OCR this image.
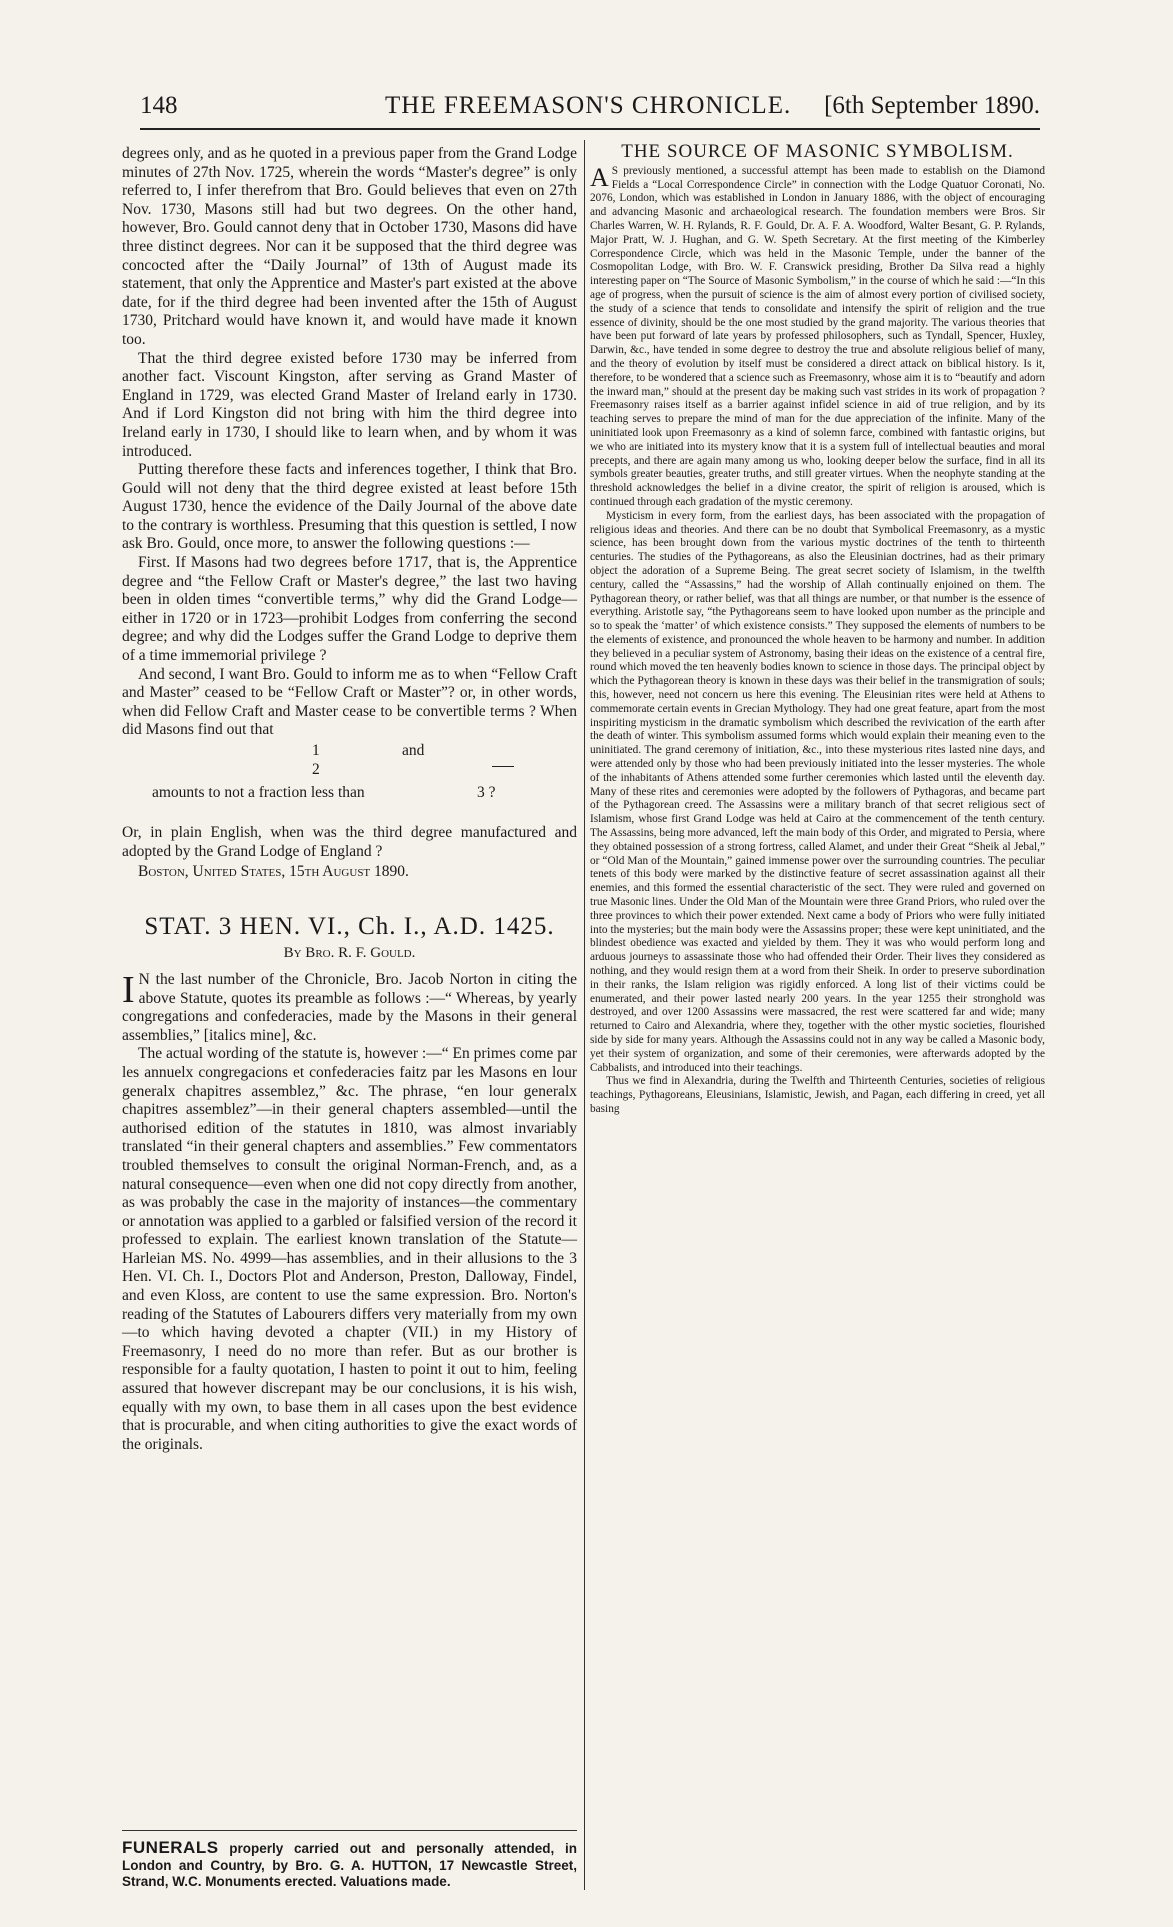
148	THE FREEMASON'S CHRONICLE. [6th September 1890.

degrees only, and as he quoted in a previous paper from the Grand Lodge minutes of 27th Nov. 1725, wherein the words “Master's degree” is only referred to, I infer therefrom that Bro. Gould believes that even on 27th Nov. 1730, Masons still had but two degrees. On the other hand, however, Bro. Gould cannot deny that in October 1730, Masons did have three distinct degrees. Nor can it be supposed that the third degree was concocted after the “Daily Journal” of 13th of August made its statement, that only the Apprentice and Master's part existed at the above date, for if the third degree had been invented after the 15th of August 1730, Pritchard would have known it, and would have made it known too.

That the third degree existed before 1730 may be inferred from another fact. Viscount Kingston, after serving as Grand Master of England in 1729, was elected Grand Master of Ireland early in 1730. And if Lord Kingston did not bring with him the third degree into Ireland early in 1730, I should like to learn when, and by whom it was introduced.

Putting therefore these facts and inferences together, I think that Bro. Gould will not deny that the third degree existed at least before 15th August 1730, hence the evidence of the Daily Journal of the above date to the contrary is worthless. Presuming that this question is settled, I now ask Bro. Gould, once more, to answer the following questions :—

First. If Masons had two degrees before 1717, that is, the Apprentice degree and “the Fellow Craft or Master's degree,” the last two having been in olden times “convertible terms,” why did the Grand Lodge—either in 1720 or in 1723—prohibit Lodges from conferring the second degree; and why did the Lodges suffer the Grand Lodge to deprive them of a time immemorial privilege ?

And second, I want Bro. Gould to inform me as to when “Fellow Craft and Master” ceased to be “Fellow Craft or Master”? or, in other words, when did Fellow Craft and Master cease to be convertible terms ? When did Masons find out that

1	and2
amounts to not a fraction less than	3 ?

Or, in plain English, when was the third degree manufactured and adopted by the Grand Lodge of England ?

Boston, United States, 15th August 1890.

STAT. 3 HEN. VI., Ch. I., A.D. 1425.
By Bro. R. F. Gould.

I N the last number of the Chronicle, Bro. Jacob Norton in citing the above Statute, quotes its preamble as follows :—“ Whereas, by yearly congregations and confederacies, made by the Masons in their general assemblies,” [italics mine], &c.

The actual wording of the statute is, however :—“ En primes come par les annuelx congregacions et confederacies faitz par les Masons en lour generalx chapitres assemblez,” &c. The phrase, “en lour generalx chapitres assemblez”—in their general chapters assembled—until the authorised edition of the statutes in 1810, was almost invariably translated “in their general chapters and assemblies.” Few commentators troubled themselves to consult the original Norman-French, and, as a natural consequence—even when one did not copy directly from another, as was probably the case in the majority of instances—the commentary or annotation was applied to a garbled or falsified version of the record it professed to explain. The earliest known translation of the Statute—Harleian MS. No. 4999—has assemblies, and in their allusions to the 3 Hen. VI. Ch. I., Doctors Plot and Anderson, Preston, Dalloway, Findel, and even Kloss, are content to use the same expression. Bro. Norton's reading of the Statutes of Labourers differs very materially from my own—to which having devoted a chapter (VII.) in my History of Freemasonry, I need do no more than refer. But as our brother is responsible for a faulty quotation, I hasten to point it out to him, feeling assured that however discrepant may be our conclusions, it is his wish, equally with my own, to base them in all cases upon the best evidence that is procurable, and when citing authorities to give the exact words of the originals.

FUNERALS properly carried out and personally attended, in London and Country, by Bro. G. A. HUTTON, 17 Newcastle Street, Strand, W.C. Monuments erected. Valuations made.
THE SOURCE OF MASONIC SYMBOLISM.

A S previously mentioned, a successful attempt has been made to establish on the Diamond Fields a “Local Correspondence Circle” in connection with the Lodge Quatuor Coronati, No. 2076, London, which was established in London in January 1886, with the object of encouraging and advancing Masonic and archaeological research. The foundation members were Bros. Sir Charles Warren, W. H. Rylands, R. F. Gould, Dr. A. F. A. Woodford, Walter Besant, G. P. Rylands, Major Pratt, W. J. Hughan, and G. W. Speth Secretary. At the first meeting of the Kimberley Correspondence Circle, which was held in the Masonic Temple, under the banner of the Cosmopolitan Lodge, with Bro. W. F. Cranswick presiding, Brother Da Silva read a highly interesting paper on “The Source of Masonic Symbolism,” in the course of which he said :—“In this age of progress, when the pursuit of science is the aim of almost every portion of civilised society, the study of a science that tends to consolidate and intensify the spirit of religion and the true essence of divinity, should be the one most studied by the grand majority. The various theories that have been put forward of late years by professed philosophers, such as Tyndall, Spencer, Huxley, Darwin, &c., have tended in some degree to destroy the true and absolute religious belief of many, and the theory of evolution by itself must be considered a direct attack on biblical history. Is it, therefore, to be wondered that a science such as Freemasonry, whose aim it is to “beautify and adorn the inward man,” should at the present day be making such vast strides in its work of propagation ? Freemasonry raises itself as a barrier against infidel science in aid of true religion, and by its teaching serves to prepare the mind of man for the due appreciation of the infinite. Many of the uninitiated look upon Freemasonry as a kind of solemn farce, combined with fantastic origins, but we who are initiated into its mystery know that it is a system full of intellectual beauties and moral precepts, and there are again many among us who, looking deeper below the surface, find in all its symbols greater beauties, greater truths, and still greater virtues. When the neophyte standing at the threshold acknowledges the belief in a divine creator, the spirit of religion is aroused, which is continued through each gradation of the mystic ceremony.

Mysticism in every form, from the earliest days, has been associated with the propagation of religious ideas and theories. And there can be no doubt that Symbolical Freemasonry, as a mystic science, has been brought down from the various mystic doctrines of the tenth to thirteenth centuries. The studies of the Pythagoreans, as also the Eleusinian doctrines, had as their primary object the adoration of a Supreme Being. The great secret society of Islamism, in the twelfth century, called the “Assassins,” had the worship of Allah continually enjoined on them. The Pythagorean theory, or rather belief, was that all things are number, or that number is the essence of everything. Aristotle say, “the Pythagoreans seem to have looked upon number as the principle and so to speak the ‘matter’ of which existence consists.” They supposed the elements of numbers to be the elements of existence, and pronounced the whole heaven to be harmony and number. In addition they believed in a peculiar system of Astronomy, basing their ideas on the existence of a central fire, round which moved the ten heavenly bodies known to science in those days. The principal object by which the Pythagorean theory is known in these days was their belief in the transmigration of souls; this, however, need not concern us here this evening. The Eleusinian rites were held at Athens to commemorate certain events in Grecian Mythology. They had one great feature, apart from the most inspiriting mysticism in the dramatic symbolism which described the revivication of the earth after the death of winter. This symbolism assumed forms which would explain their meaning even to the uninitiated. The grand ceremony of initiation, &c., into these mysterious rites lasted nine days, and were attended only by those who had been previously initiated into the lesser mysteries. The whole of the inhabitants of Athens attended some further ceremonies which lasted until the eleventh day. Many of these rites and ceremonies were adopted by the followers of Pythagoras, and became part of the Pythagorean creed. The Assassins were a military branch of that secret religious sect of Islamism, whose first Grand Lodge was held at Cairo at the commencement of the tenth century. The Assassins, being more advanced, left the main body of this Order, and migrated to Persia, where they obtained possession of a strong fortress, called Alamet, and under their Great “Sheik al Jebal,” or “Old Man of the Mountain,” gained immense power over the surrounding countries. The peculiar tenets of this body were marked by the distinctive feature of secret assassination against all their enemies, and this formed the essential characteristic of the sect. They were ruled and governed on true Masonic lines. Under the Old Man of the Mountain were three Grand Priors, who ruled over the three provinces to which their power extended. Next came a body of Priors who were fully initiated into the mysteries; but the main body were the Assassins proper; these were kept uninitiated, and the blindest obedience was exacted and yielded by them. They it was who would perform long and arduous journeys to assassinate those who had offended their Order. Their lives they considered as nothing, and they would resign them at a word from their Sheik. In order to preserve subordination in their ranks, the Islam religion was rigidly enforced. A long list of their victims could be enumerated, and their power lasted nearly 200 years. In the year 1255 their stronghold was destroyed, and over 1200 Assassins were massacred, the rest were scattered far and wide; many returned to Cairo and Alexandria, where they, together with the other mystic societies, flourished side by side for many years. Although the Assassins could not in any way be called a Masonic body, yet their system of organization, and some of their ceremonies, were afterwards adopted by the Cabbalists, and introduced into their teachings.

Thus we find in Alexandria, during the Twelfth and Thirteenth Centuries, societies of religious teachings, Pythagoreans, Eleusinians, Islamistic, Jewish, and Pagan, each differing in creed, yet all basing
